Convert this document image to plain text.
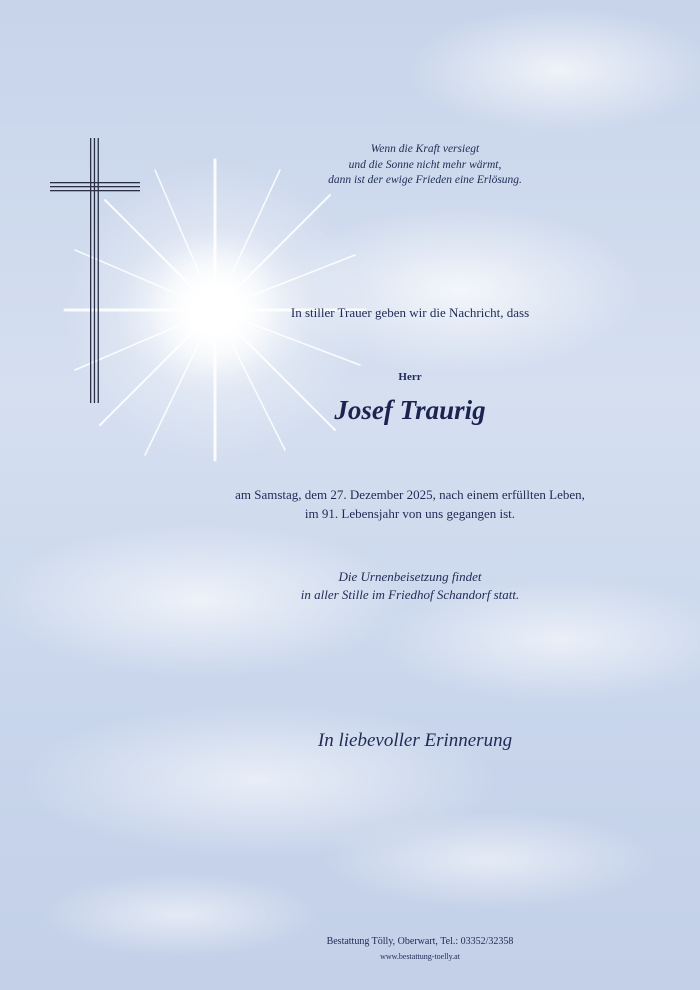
Wenn die Kraft versiegt
und die Sonne nicht mehr wärmt,
dann ist der ewige Frieden eine Erlösung.
In stiller Trauer geben wir die Nachricht, dass
Herr
Josef Traurig
am Samstag, dem 27. Dezember 2025, nach einem erfüllten Leben,
im 91. Lebensjahr von uns gegangen ist.
Die Urnenbeisetzung findet
in aller Stille im Friedhof Schandorf statt.
In liebevoller Erinnerung
Bestattung Tölly, Oberwart, Tel.: 03352/32358
www.bestattung-toelly.at
